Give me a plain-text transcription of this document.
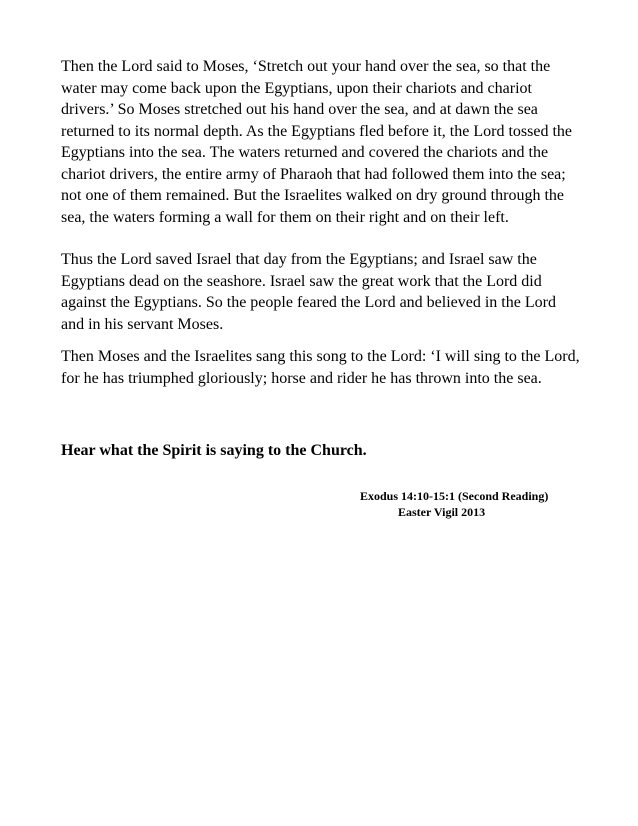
Then the Lord said to Moses, ‘Stretch out your hand over the sea, so that the water may come back upon the Egyptians, upon their chariots and chariot drivers.’ So Moses stretched out his hand over the sea, and at dawn the sea returned to its normal depth. As the Egyptians fled before it, the Lord tossed the Egyptians into the sea. The waters returned and covered the chariots and the chariot drivers, the entire army of Pharaoh that had followed them into the sea; not one of them remained. But the Israelites walked on dry ground through the sea, the waters forming a wall for them on their right and on their left.

Thus the Lord saved Israel that day from the Egyptians; and Israel saw the Egyptians dead on the seashore. Israel saw the great work that the Lord did against the Egyptians. So the people feared the Lord and believed in the Lord and in his servant Moses.

Then Moses and the Israelites sang this song to the Lord: ‘I will sing to the Lord, for he has triumphed gloriously; horse and rider he has thrown into the sea.

Hear what the Spirit is saying to the Church.

Exodus 14:10-15:1 (Second Reading)
Easter Vigil 2013
